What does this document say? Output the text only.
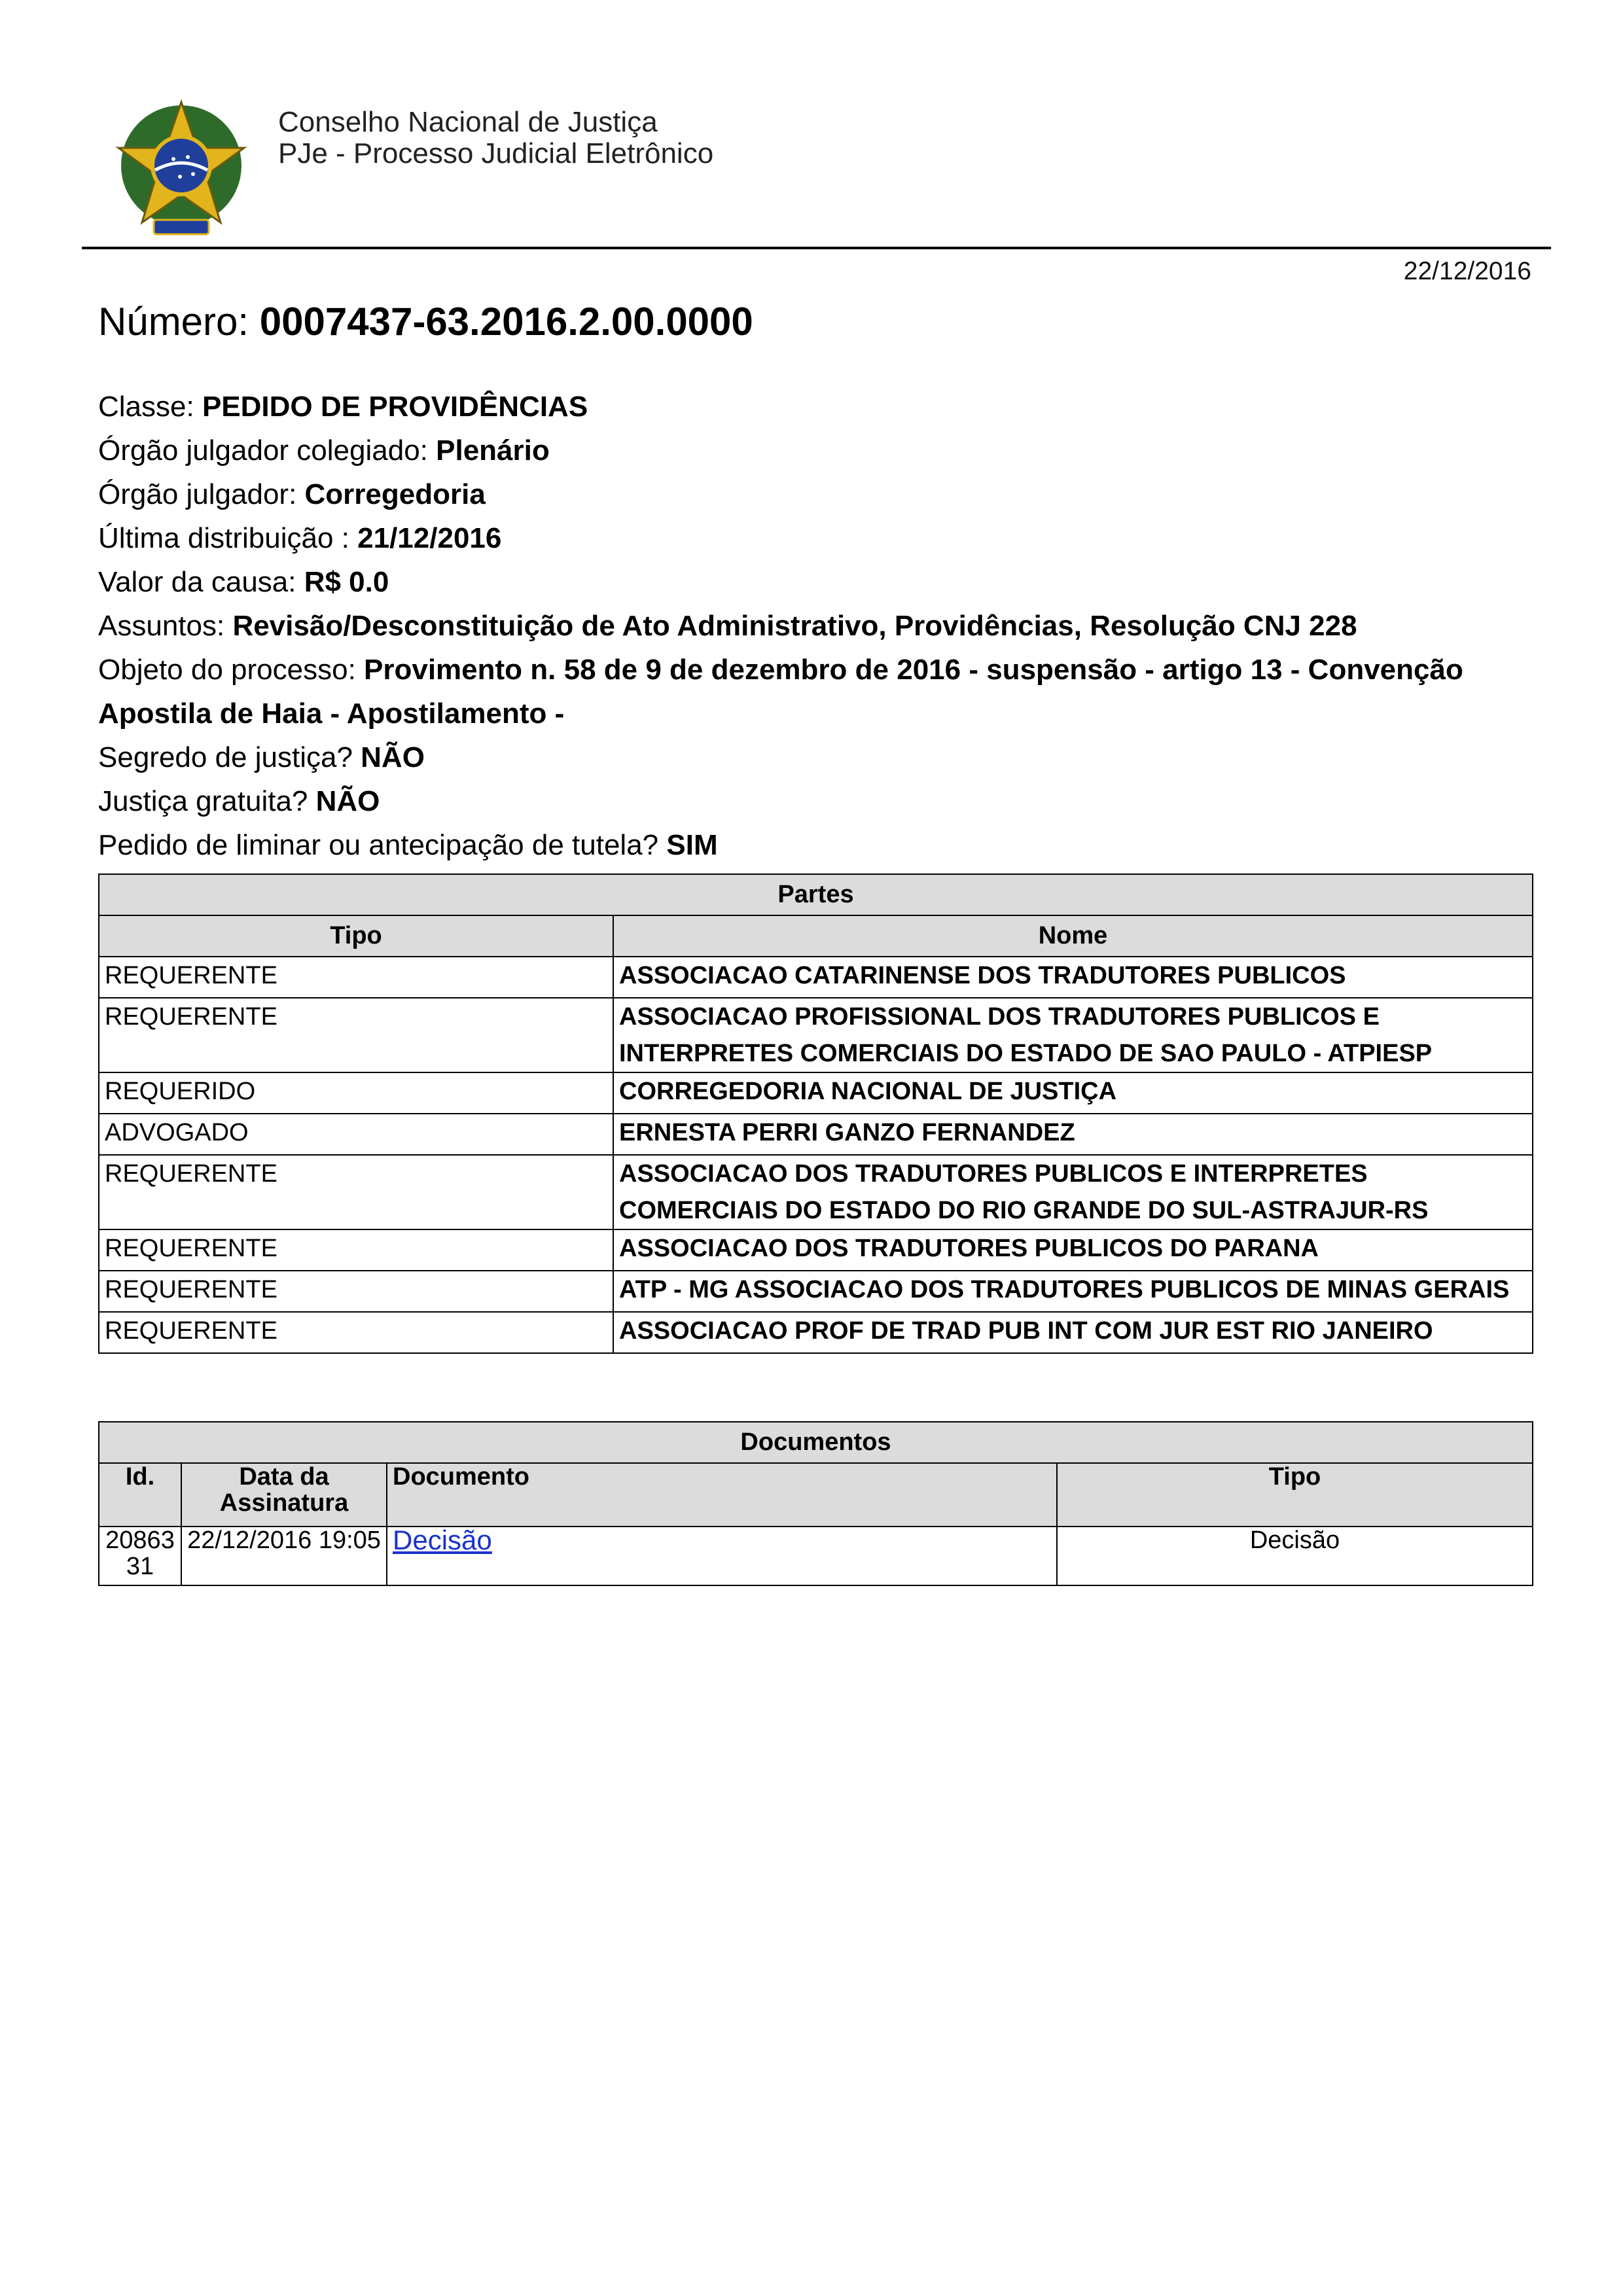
Conselho Nacional de Justiça
PJe - Processo Judicial Eletrônico
22/12/2016
Número: 0007437-63.2016.2.00.0000
Classe: PEDIDO DE PROVIDÊNCIAS
Órgão julgador colegiado: Plenário
Órgão julgador: Corregedoria
Última distribuição : 21/12/2016
Valor da causa: R$ 0.0
Assuntos: Revisão/Desconstituição de Ato Administrativo, Providências, Resolução CNJ 228
Objeto do processo: Provimento n. 58 de 9 de dezembro de 2016 - suspensão - artigo 13 - Convenção Apostila de Haia - Apostilamento -
Segredo de justiça? NÃO
Justiça gratuita? NÃO
Pedido de liminar ou antecipação de tutela? SIM
Partes	
Tipo	Nome
REQUERENTE	ASSOCIACAO CATARINENSE DOS TRADUTORES PUBLICOS
REQUERENTE	ASSOCIACAO PROFISSIONAL DOS TRADUTORES PUBLICOS E INTERPRETES COMERCIAIS DO ESTADO DE SAO PAULO - ATPIESP
REQUERIDO	CORREGEDORIA NACIONAL DE JUSTIÇA
ADVOGADO	ERNESTA PERRI GANZO FERNANDEZ
REQUERENTE	ASSOCIACAO DOS TRADUTORES PUBLICOS E INTERPRETES COMERCIAIS DO ESTADO DO RIO GRANDE DO SUL-ASTRAJUR-RS
REQUERENTE	ASSOCIACAO DOS TRADUTORES PUBLICOS DO PARANA
REQUERENTE	ATP - MG ASSOCIACAO DOS TRADUTORES PUBLICOS DE MINAS GERAIS
REQUERENTE	ASSOCIACAO PROF DE TRAD PUB INT COM JUR EST RIO JANEIRO
Documentos			
Id.	Data da Assinatura	Documento	Tipo
20863 31	22/12/2016 19:05	Decisão	Decisão
